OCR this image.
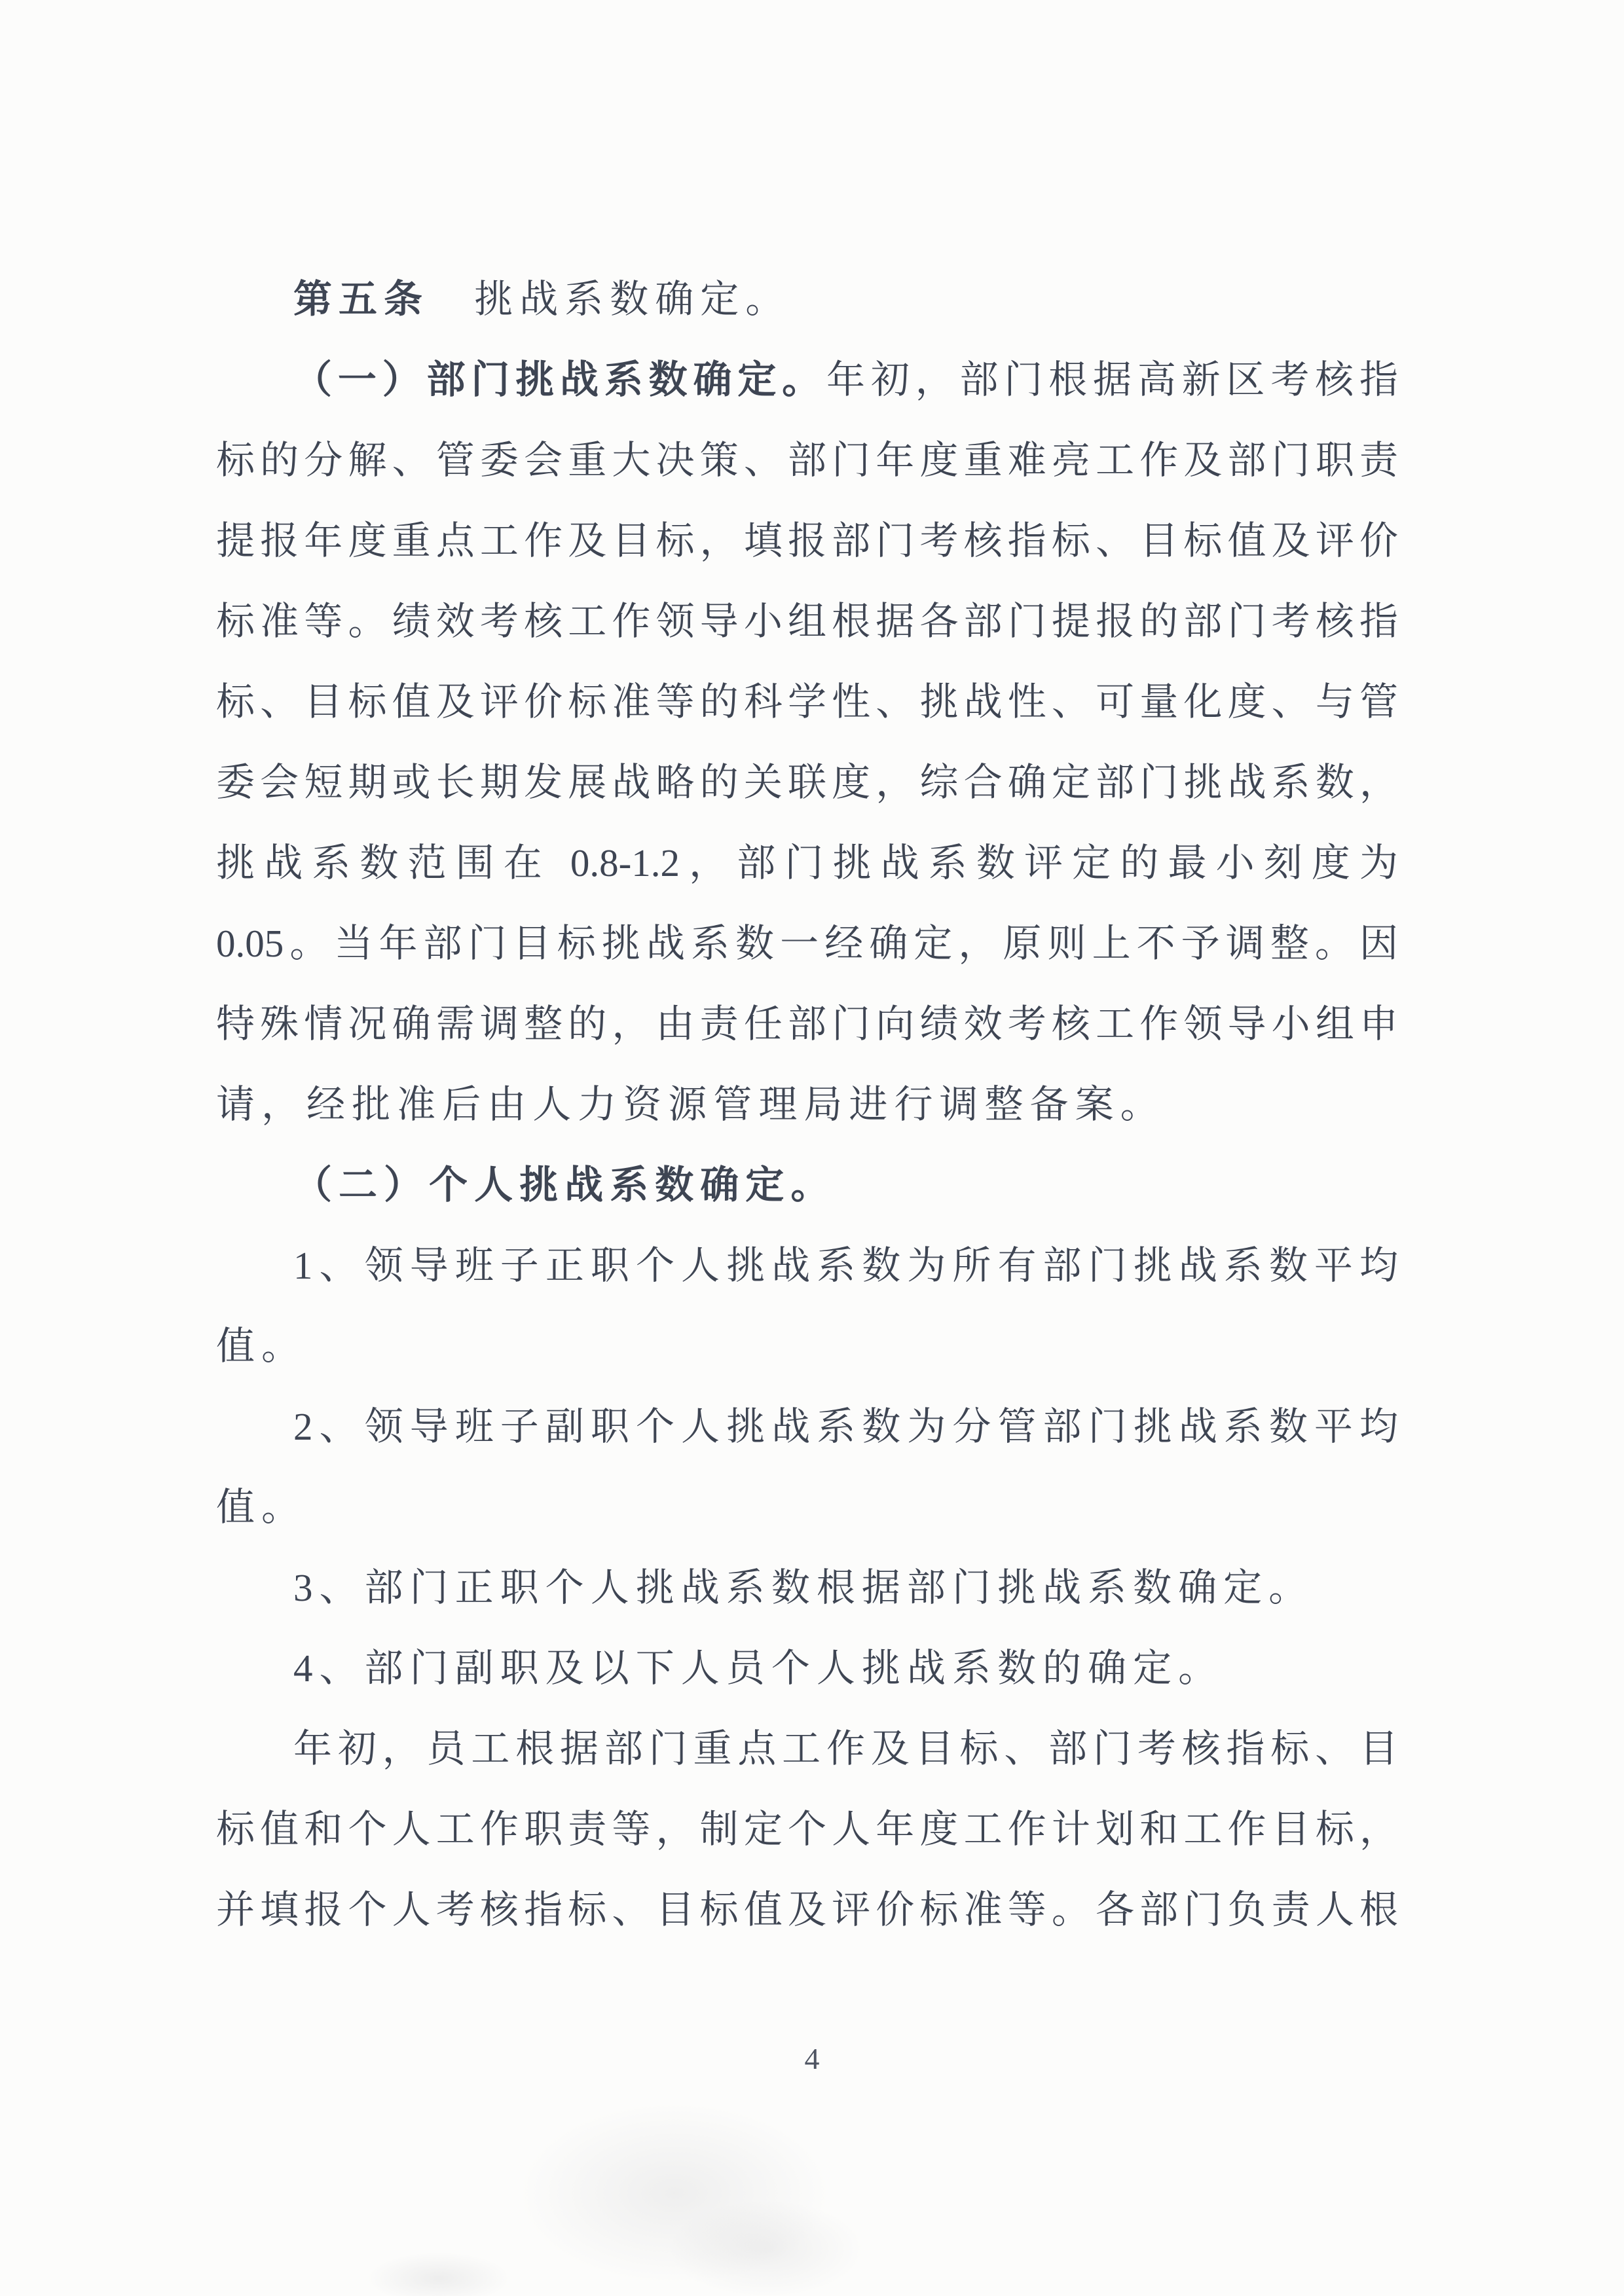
第五条　挑战系数确定。
（一）部门挑战系数确定。年初，部门根据高新区考核指
标的分解、管委会重大决策、部门年度重难亮工作及部门职责
提报年度重点工作及目标，填报部门考核指标、目标值及评价
标准等。绩效考核工作领导小组根据各部门提报的部门考核指
标、目标值及评价标准等的科学性、挑战性、可量化度、与管
委会短期或长期发展战略的关联度，综合确定部门挑战系数，
挑战系数范围在 0.8-1.2，部门挑战系数评定的最小刻度为
0.05。当年部门目标挑战系数一经确定，原则上不予调整。因
特殊情况确需调整的，由责任部门向绩效考核工作领导小组申
请，经批准后由人力资源管理局进行调整备案。
（二）个人挑战系数确定。
1、领导班子正职个人挑战系数为所有部门挑战系数平均
值。
2、领导班子副职个人挑战系数为分管部门挑战系数平均
值。
3、部门正职个人挑战系数根据部门挑战系数确定。
4、部门副职及以下人员个人挑战系数的确定。
年初，员工根据部门重点工作及目标、部门考核指标、目
标值和个人工作职责等，制定个人年度工作计划和工作目标，
并填报个人考核指标、目标值及评价标准等。各部门负责人根
4
